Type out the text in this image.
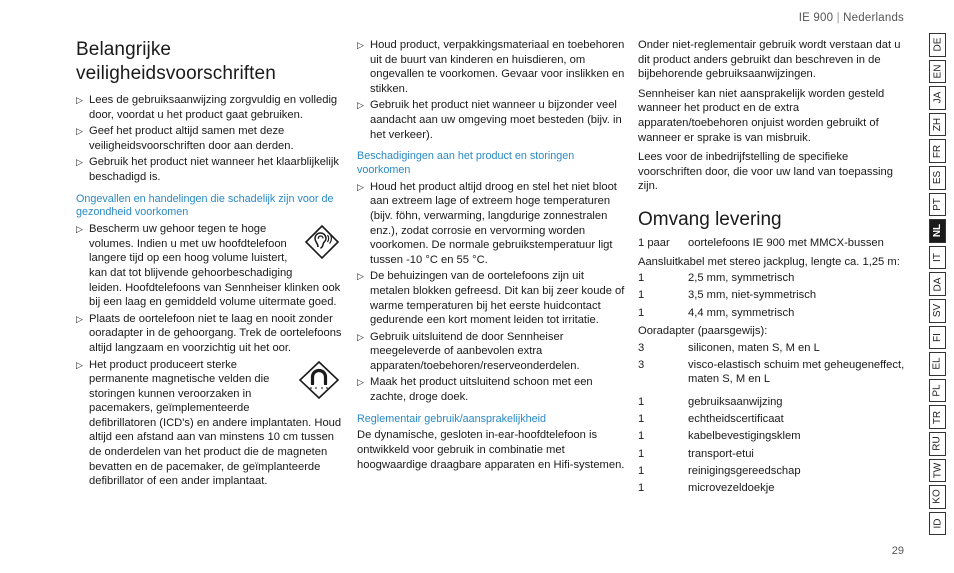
IE 900 | Nederlands
Belangrijke veiligheidsvoorschriften
▷ Lees de gebruiksaanwijzing zorgvuldig en volledig door, voordat u het product gaat gebruiken.
▷ Geef het product altijd samen met deze veiligheidsvoorschriften door aan derden.
▷ Gebruik het product niet wanneer het klaarblijkelijk beschadigd is.
Ongevallen en handelingen die schadelijk zijn voor de gezondheid voorkomen
▷ Bescherm uw gehoor tegen te hoge volumes. Indien u met uw hoofdtelefoon langere tijd op een hoog volume luistert, kan dat tot blijvende gehoorbeschadiging leiden. Hoofdtelefoons van Sennheiser klinken ook bij een laag en gemiddeld volume uitermate goed.
▷ Plaats de oortelefoon niet te laag en nooit zonder ooradapter in de gehoorgang. Trek de oortelefoons altijd langzaam en voorzichtig uit het oor.
▷ Het product produceert sterke permanente magnetische velden die storingen kunnen veroorzaken in pacemakers, geïmplementeerde defibrillatoren (ICD's) en andere implantaten. Houd altijd een afstand aan van minstens 10 cm tussen de onderdelen van het product die de magneten bevatten en de pacemaker, de geïmplanteerde defibrillator of een ander implantaat.
▷ Houd product, verpakkingsmateriaal en toebehoren uit de buurt van kinderen en huisdieren, om ongevallen te voorkomen. Gevaar voor inslikken en stikken.
▷ Gebruik het product niet wanneer u bijzonder veel aandacht aan uw omgeving moet besteden (bijv. in het verkeer).
Beschadigingen aan het product en storingen voorkomen
▷ Houd het product altijd droog en stel het niet bloot aan extreem lage of extreem hoge temperaturen (bijv. föhn, verwarming, langdurige zonnestralen enz.), zodat corrosie en vervorming worden voorkomen. De normale gebruikstemperatuur ligt tussen -10 °C en 55 °C.
▷ De behuizingen van de oortelefoons zijn uit metalen blokken gefreesd. Dit kan bij zeer koude of warme temperaturen bij het eerste huidcontact gedurende een kort moment leiden tot irritatie.
▷ Gebruik uitsluitend de door Sennheiser meegeleverde of aanbevolen extra apparaten/toebehoren/reserveonderdelen.
▷ Maak het product uitsluitend schoon met een zachte, droge doek.
Reglementair gebruik/aansprakelijkheid

De dynamische, gesloten in-ear-hoofdtelefoon is ontwikkeld voor gebruik in combinatie met hoogwaardige draagbare apparaten en Hifi-systemen.

Onder niet-reglementair gebruik wordt verstaan dat u dit product anders gebruikt dan beschreven in de bijbehorende gebruiksaanwijzingen.

Sennheiser kan niet aansprakelijk worden gesteld wanneer het product en de extra apparaten/toebehoren onjuist worden gebruikt of wanneer er sprake is van misbruik.

Lees voor de inbedrijfstelling de specifieke voorschriften door, die voor uw land van toepassing zijn.

Omvang levering
1 paar	oortelefoons IE 900 met MMCX-bussen

Aansluitkabel met stereo jackplug, lengte ca. 1,25 m:

1	2,5 mm, symmetrisch
1	3,5 mm, niet-symmetrisch
1	4,4 mm, symmetrisch

Ooradapter (paarsgewijs):

3	siliconen, maten S, M en L
3	visco-elastisch schuim met geheugeneffect, maten S, M en L
1	gebruiksaanwijzing
1	echtheidscertificaat
1	kabelbevestigingsklem
1	transport-etui
1	reinigingsgereedschap
1	microvezeldoekje
DE
EN
JA
ZH
FR
ES
PT
NL
IT
DA
SV
FI
EL
PL
TR
RU
TW
KO
ID
29
